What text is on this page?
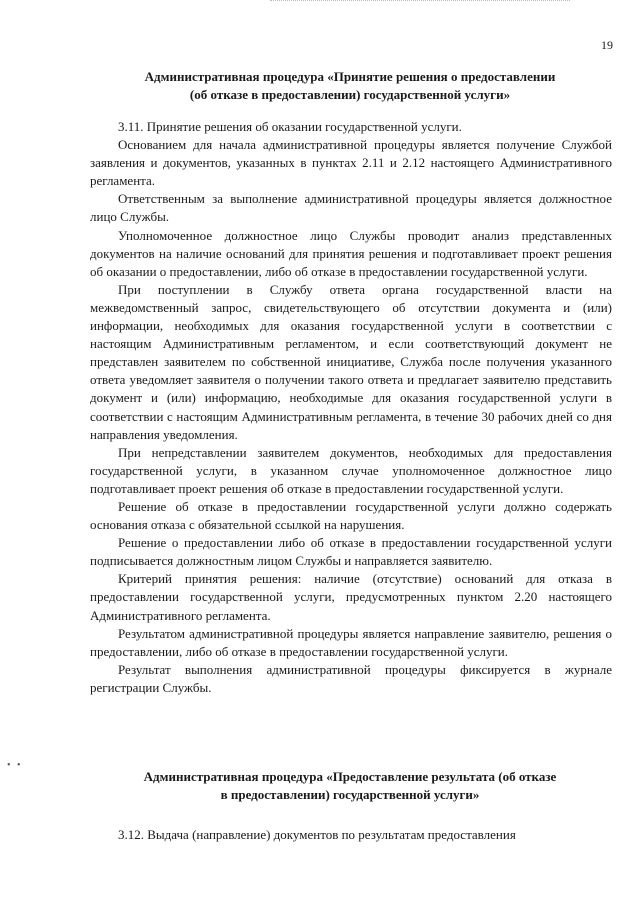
19
Административная процедура «Принятие решения о предоставлении
(об отказе в предоставлении) государственной услуги»

3.11. Принятие решения об оказании государственной услуги.

Основанием для начала административной процедуры является получение Службой заявления и документов, указанных в пунктах 2.11 и 2.12 настоящего Административного регламента.

Ответственным за выполнение административной процедуры является должностное лицо Службы.

Уполномоченное должностное лицо Службы проводит анализ представленных документов на наличие оснований для принятия решения и подготавливает проект решения об оказании о предоставлении, либо об отказе в предоставлении государственной услуги.

При поступлении в Службу ответа органа государственной власти на межведомственный запрос, свидетельствующего об отсутствии документа и (или) информации, необходимых для оказания государственной услуги в соответствии с настоящим Административным регламентом, и если соответствующий документ не представлен заявителем по собственной инициативе, Служба после получения указанного ответа уведомляет заявителя о получении такого ответа и предлагает заявителю представить документ и (или) информацию, необходимые для оказания государственной услуги в соответствии с настоящим Административным регламента, в течение 30 рабочих дней со дня направления уведомления.

При непредставлении заявителем документов, необходимых для предоставления государственной услуги, в указанном случае уполномоченное должностное лицо подготавливает проект решения об отказе в предоставлении государственной услуги.

Решение об отказе в предоставлении государственной услуги должно содержать основания отказа с обязательной ссылкой на нарушения.

Решение о предоставлении либо об отказе в предоставлении государственной услуги подписывается должностным лицом Службы и направляется заявителю.

Критерий принятия решения: наличие (отсутствие) оснований для отказа в предоставлении государственной услуги, предусмотренных пунктом 2.20 настоящего Административного регламента.

Результатом административной процедуры является направление заявителю, решения о предоставлении, либо об отказе в предоставлении государственной услуги.

Результат выполнения административной процедуры фиксируется в журнале регистрации Службы.

• •
Административная процедура «Предоставление результата (об отказе
в предоставлении) государственной услуги»

3.12. Выдача (направление) документов по результатам предоставления
